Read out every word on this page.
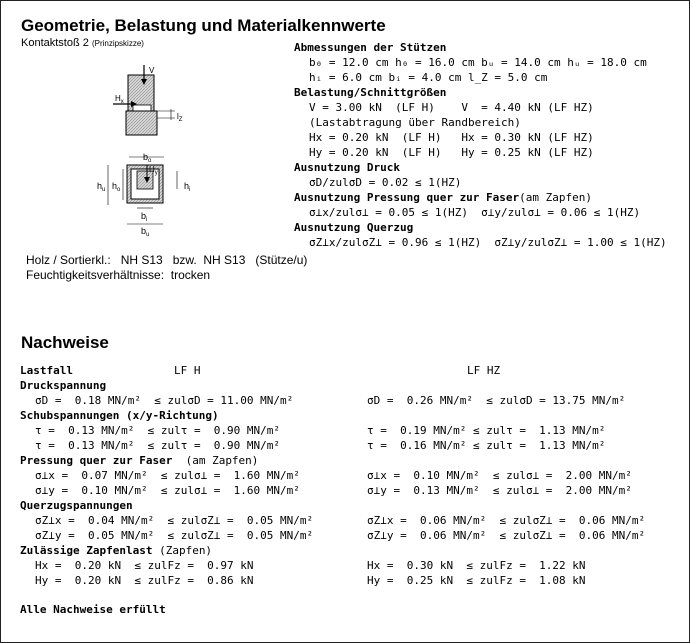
Geometrie, Belastung und Materialkennwerte
Kontaktstoß 2 (Prinzipskizze)
V
$H_x$
$l_Z$
$b_o$
$H_y$
$h_u$ $h_o$	$h_i$
$b_i$
$b_u$
Abmessungen der Stützen
b₀ = 12.0 cm h₀ = 16.0 cm bᵤ = 14.0 cm hᵤ = 18.0 cm
hᵢ = 6.0 cm bᵢ = 4.0 cm l_Z = 5.0 cm
Belastung/Schnittgrößen
V = 3.00 kN  (LF H)    V  = 4.40 kN (LF HZ)
(Lastabtragung über Randbereich)
Hx = 0.20 kN  (LF H)   Hx = 0.30 kN (LF HZ)
Hy = 0.20 kN  (LF H)   Hy = 0.25 kN (LF HZ)
Ausnutzung Druck
σD/zulσD = 0.02 ≤ 1(HZ)
Ausnutzung Pressung quer zur Faser(am Zapfen)
σ⊥x/zulσ⊥ = 0.05 ≤ 1(HZ)  σ⊥y/zulσ⊥ = 0.06 ≤ 1(HZ)
Ausnutzung Querzug
σZ⊥x/zulσZ⊥ = 0.96 ≤ 1(HZ)  σZ⊥y/zulσZ⊥ = 1.00 ≤ 1(HZ)
Holz / Sortierkl.:   NH S13   bzw.  NH S13   (Stütze/u)
Feuchtigkeitsverhältnisse:  trocken
Nachweise
Lastfall	LF H	LF HZ
Druckspannung
σD =  0.18 MN/m²  ≤ zulσD = 11.00 MN/m²	σD =  0.26 MN/m²  ≤ zulσD = 13.75 MN/m²
Schubspannungen (x/y-Richtung)
τ =  0.13 MN/m²  ≤ zulτ =  0.90 MN/m²	τ =  0.19 MN/m² ≤ zulτ =  1.13 MN/m²
τ =  0.13 MN/m²  ≤ zulτ =  0.90 MN/m²	τ =  0.16 MN/m² ≤ zulτ =  1.13 MN/m²
Pressung quer zur Faser (am Zapfen)
σ⊥x =  0.07 MN/m²  ≤ zulσ⊥ =  1.60 MN/m²	σ⊥x =  0.10 MN/m²  ≤ zulσ⊥ =  2.00 MN/m²
σ⊥y =  0.10 MN/m²  ≤ zulσ⊥ =  1.60 MN/m²	σ⊥y =  0.13 MN/m²  ≤ zulσ⊥ =  2.00 MN/m²
Querzugspannungen
σZ⊥x =  0.04 MN/m²  ≤ zulσZ⊥ =  0.05 MN/m²	σZ⊥x =  0.06 MN/m²  ≤ zulσZ⊥ =  0.06 MN/m²
σZ⊥y =  0.05 MN/m²  ≤ zulσZ⊥ =  0.05 MN/m²	σZ⊥y =  0.06 MN/m²  ≤ zulσZ⊥ =  0.06 MN/m²
Zulässige Zapfenlast (Zapfen)
Hx =  0.20 kN  ≤ zulFz =  0.97 kN	Hx =  0.30 kN  ≤ zulFz =  1.22 kN
Hy =  0.20 kN  ≤ zulFz =  0.86 kN	Hy =  0.25 kN  ≤ zulFz =  1.08 kN
Alle Nachweise erfüllt
